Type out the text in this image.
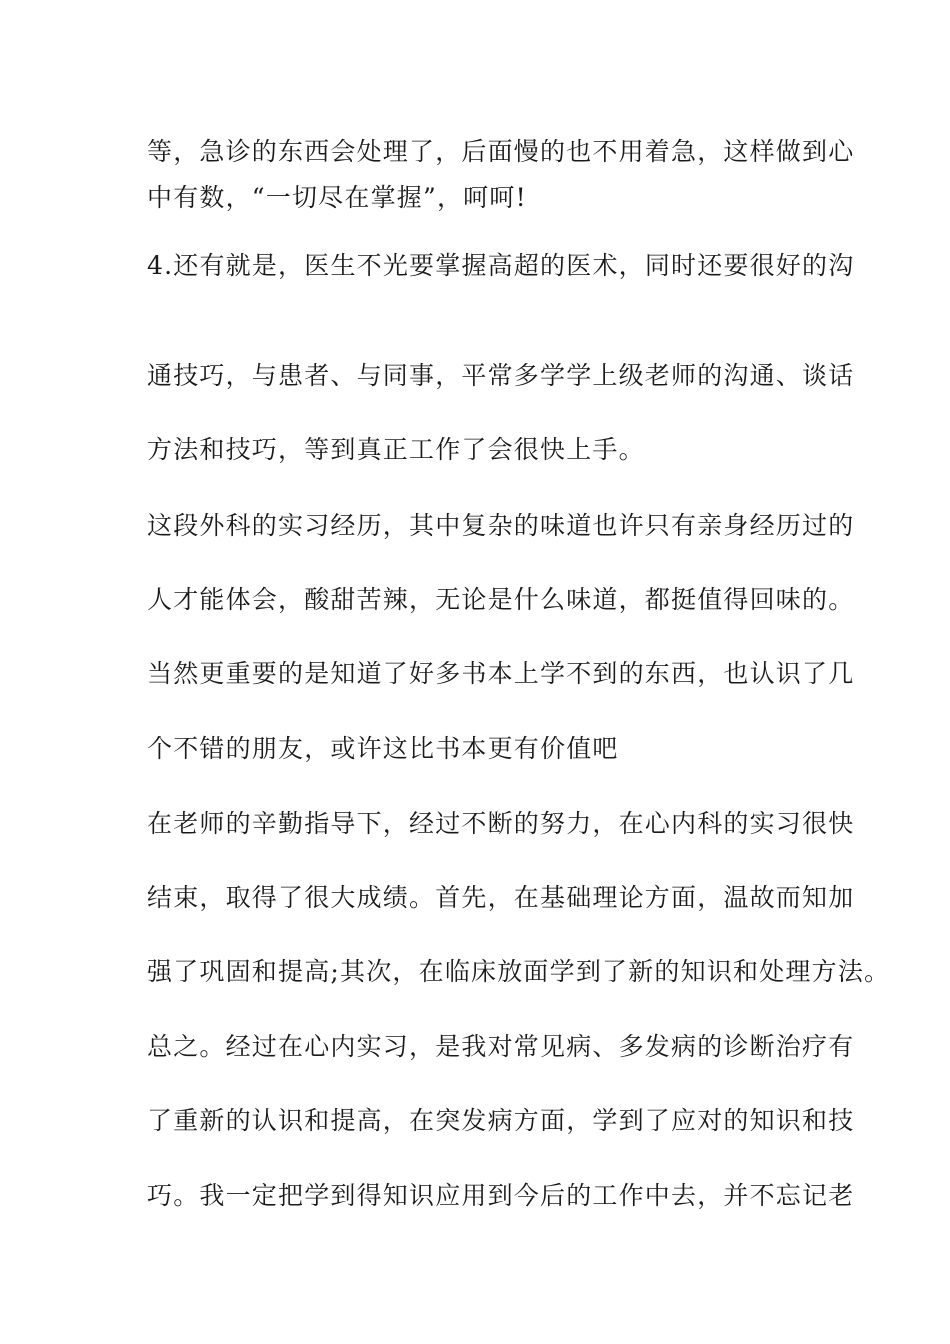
等，急诊的东西会处理了，后面慢的也不用着急，这样做到心
中有数，“一切尽在掌握”，呵呵!
4.还有就是，医生不光要掌握高超的医术，同时还要很好的沟
通技巧，与患者、与同事，平常多学学上级老师的沟通、谈话
方法和技巧，等到真正工作了会很快上手。
这段外科的实习经历，其中复杂的味道也许只有亲身经历过的
人才能体会，酸甜苦辣，无论是什么味道，都挺值得回味的。
当然更重要的是知道了好多书本上学不到的东西，也认识了几
个不错的朋友，或许这比书本更有价值吧
在老师的辛勤指导下，经过不断的努力，在心内科的实习很快
结束，取得了很大成绩。首先，在基础理论方面，温故而知加
强了巩固和提高;其次，在临床放面学到了新的知识和处理方法。
总之。经过在心内实习，是我对常见病、多发病的诊断治疗有
了重新的认识和提高，在突发病方面，学到了应对的知识和技
巧。我一定把学到得知识应用到今后的工作中去，并不忘记老
